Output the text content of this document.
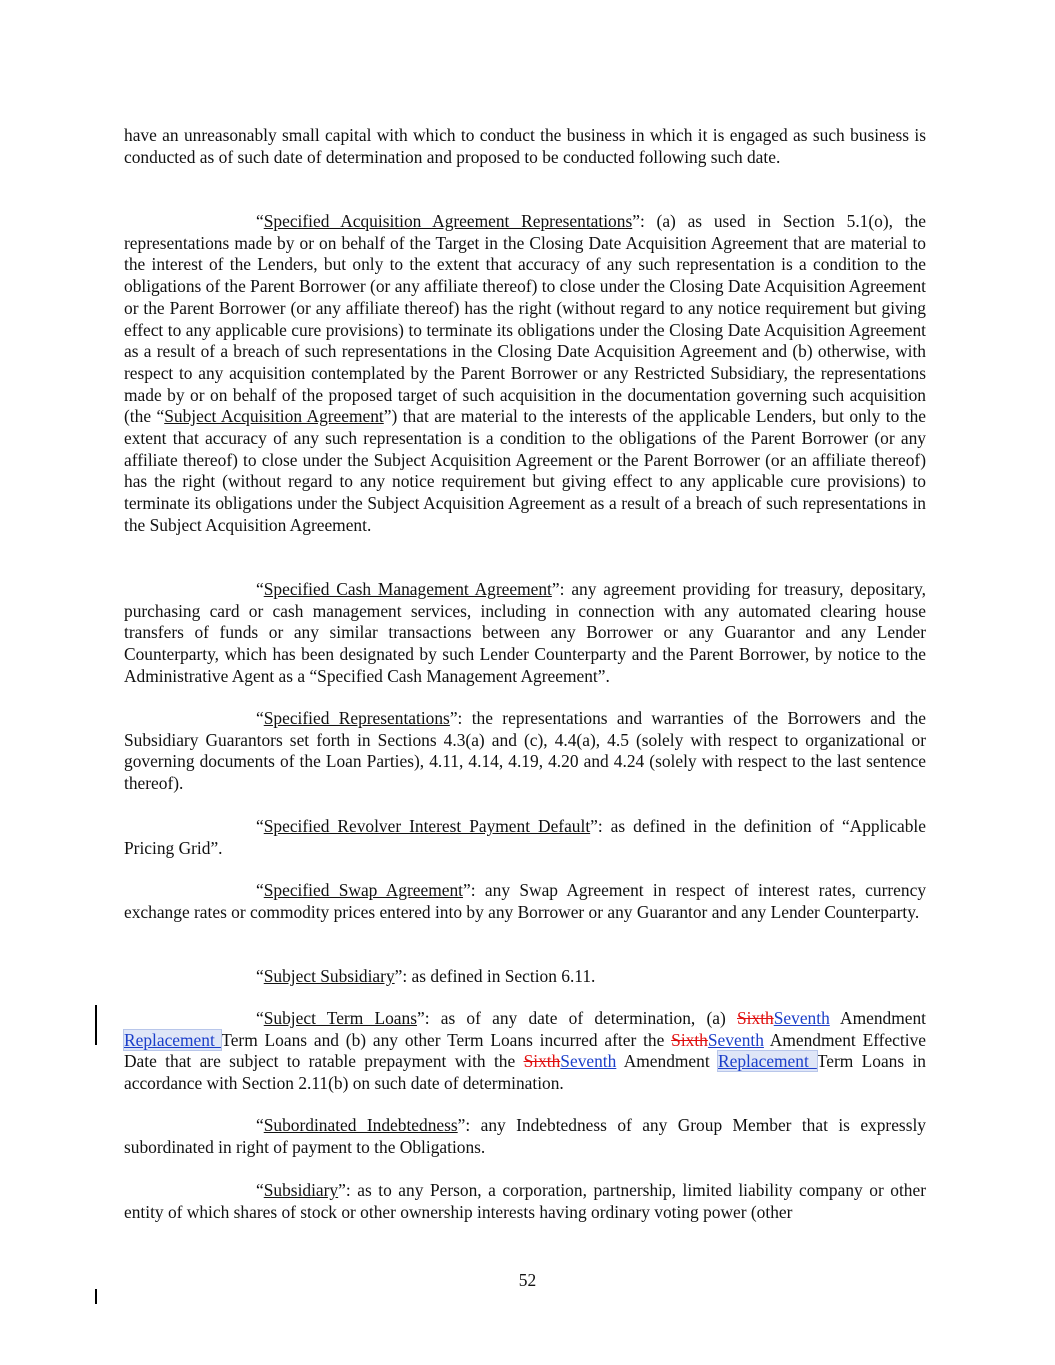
have an unreasonably small capital with which to conduct the business in which it is engaged as such business is conducted as of such date of determination and proposed to be conducted following such date.

“Specified Acquisition Agreement Representations”: (a) as used in Section 5.1(o), the representations made by or on behalf of the Target in the Closing Date Acquisition Agreement that are material to the interest of the Lenders, but only to the extent that accuracy of any such representation is a condition to the obligations of the Parent Borrower (or any affiliate thereof) to close under the Closing Date Acquisition Agreement or the Parent Borrower (or any affiliate thereof) has the right (without regard to any notice requirement but giving effect to any applicable cure provisions) to terminate its obligations under the Closing Date Acquisition Agreement as a result of a breach of such representations in the Closing Date Acquisition Agreement and (b) otherwise, with respect to any acquisition contemplated by the Parent Borrower or any Restricted Subsidiary, the representations made by or on behalf of the proposed target of such acquisition in the documentation governing such acquisition (the “Subject Acquisition Agreement”) that are material to the interests of the applicable Lenders, but only to the extent that accuracy of any such representation is a condition to the obligations of the Parent Borrower (or any affiliate thereof) to close under the Subject Acquisition Agreement or the Parent Borrower (or an affiliate thereof) has the right (without regard to any notice requirement but giving effect to any applicable cure provisions) to terminate its obligations under the Subject Acquisition Agreement as a result of a breach of such representations in the Subject Acquisition Agreement.

“Specified Cash Management Agreement”: any agreement providing for treasury, depositary, purchasing card or cash management services, including in connection with any automated clearing house transfers of funds or any similar transactions between any Borrower or any Guarantor and any Lender Counterparty, which has been designated by such Lender Counterparty and the Parent Borrower, by notice to the Administrative Agent as a “Specified Cash Management Agreement”.

“Specified Representations”: the representations and warranties of the Borrowers and the Subsidiary Guarantors set forth in Sections 4.3(a) and (c), 4.4(a), 4.5 (solely with respect to organizational or governing documents of the Loan Parties), 4.11, 4.14, 4.19, 4.20 and 4.24 (solely with respect to the last sentence thereof).

“Specified Revolver Interest Payment Default”: as defined in the definition of “Applicable Pricing Grid”.

“Specified Swap Agreement”: any Swap Agreement in respect of interest rates, currency exchange rates or commodity prices entered into by any Borrower or any Guarantor and any Lender Counterparty.

“Subject Subsidiary”: as defined in Section 6.11.

“Subject Term Loans”: as of any date of determination, (a) SixthSeventh Amendment Replacement Term Loans and (b) any other Term Loans incurred after the SixthSeventh Amendment Effective Date that are subject to ratable prepayment with the SixthSeventh Amendment Replacement Term Loans in accordance with Section 2.11(b) on such date of determination.

“Subordinated Indebtedness”: any Indebtedness of any Group Member that is expressly subordinated in right of payment to the Obligations.

“Subsidiary”: as to any Person, a corporation, partnership, limited liability company or other entity of which shares of stock or other ownership interests having ordinary voting power (other

52
